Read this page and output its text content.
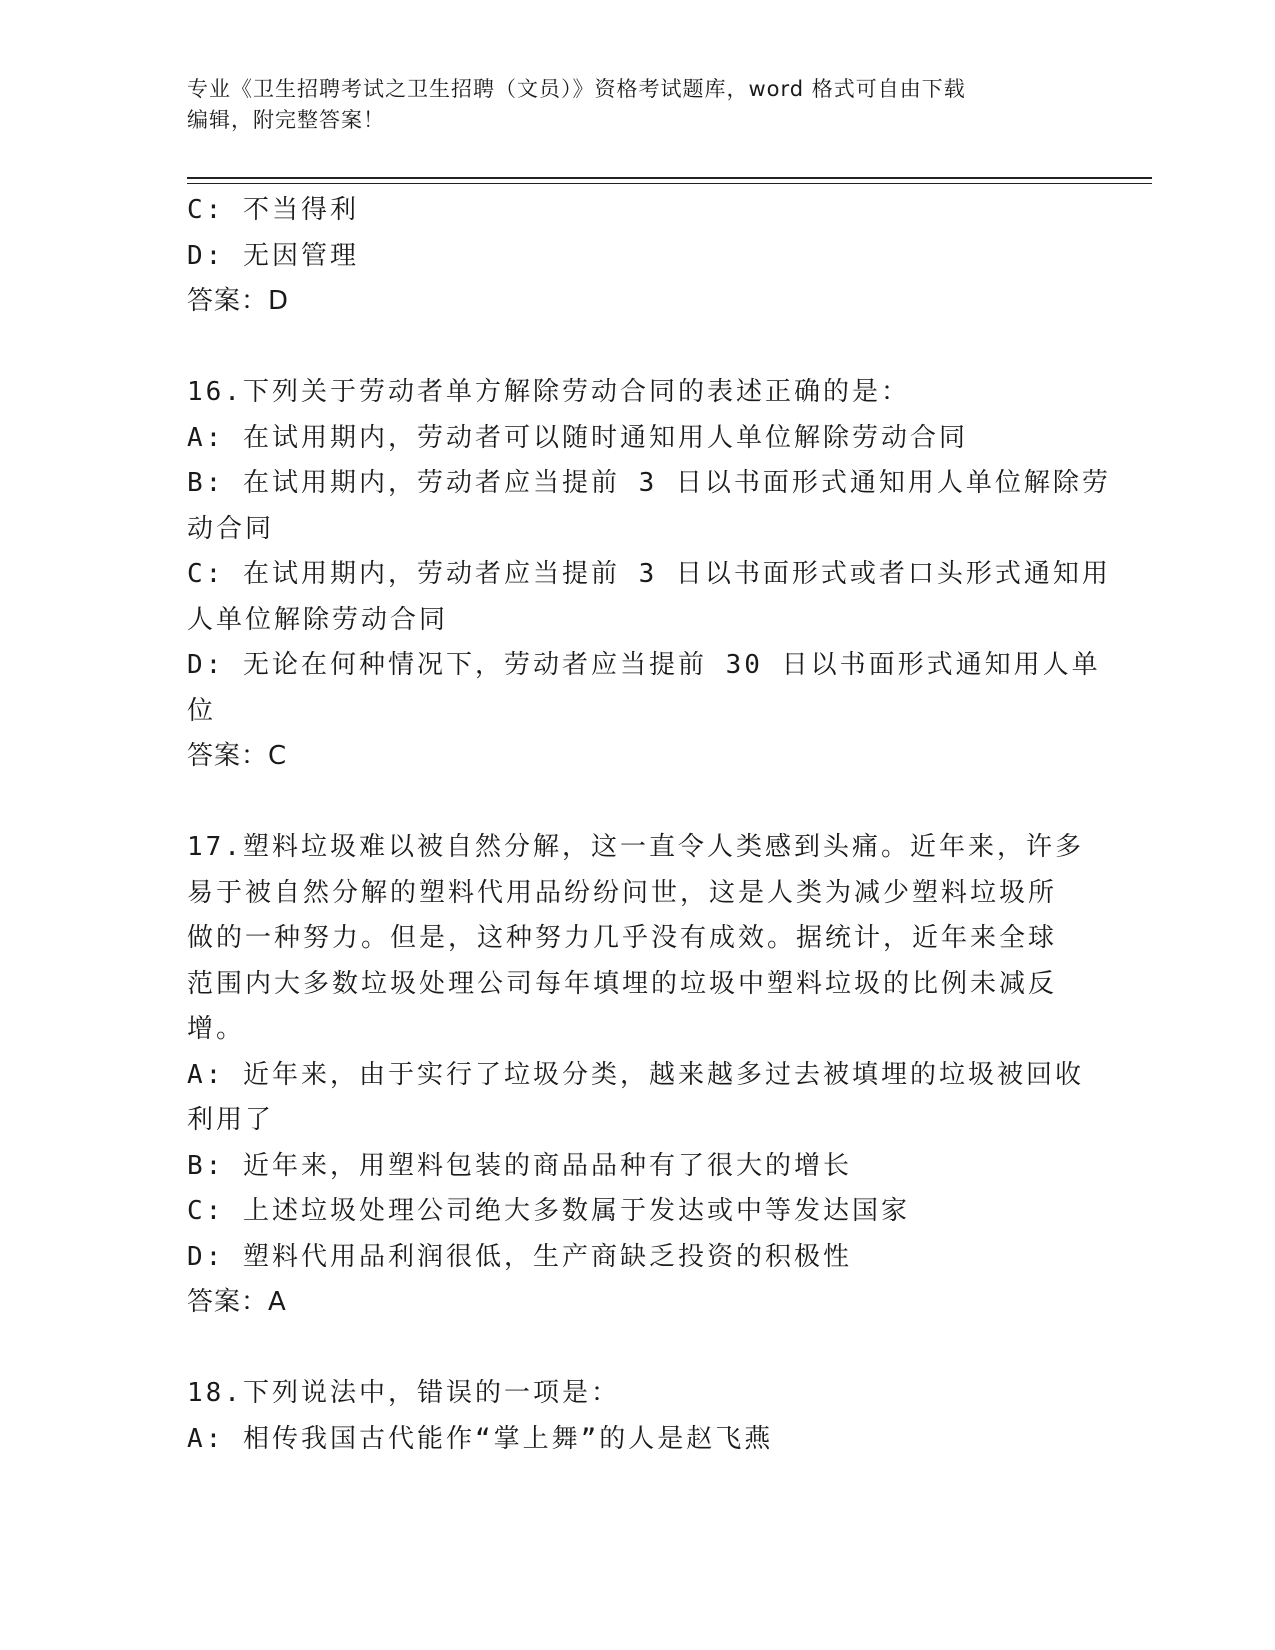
专业《卫生招聘考试之卫生招聘（文员）》资格考试题库，word 格式可自由下载
编辑，附完整答案！
C: 不当得利
D: 无因管理
答案：D
16.下列关于劳动者单方解除劳动合同的表述正确的是：
A: 在试用期内，劳动者可以随时通知用人单位解除劳动合同
B: 在试用期内，劳动者应当提前 3 日以书面形式通知用人单位解除劳
动合同
C: 在试用期内，劳动者应当提前 3 日以书面形式或者口头形式通知用
人单位解除劳动合同
D: 无论在何种情况下，劳动者应当提前 30 日以书面形式通知用人单
位
答案：C
17.塑料垃圾难以被自然分解，这一直令人类感到头痛。近年来，许多
易于被自然分解的塑料代用品纷纷问世，这是人类为减少塑料垃圾所
做的一种努力。但是，这种努力几乎没有成效。据统计，近年来全球
范围内大多数垃圾处理公司每年填埋的垃圾中塑料垃圾的比例未减反
增。
A: 近年来，由于实行了垃圾分类，越来越多过去被填埋的垃圾被回收
利用了
B: 近年来，用塑料包装的商品品种有了很大的增长
C: 上述垃圾处理公司绝大多数属于发达或中等发达国家
D: 塑料代用品利润很低，生产商缺乏投资的积极性
答案：A
18.下列说法中，错误的一项是：
A: 相传我国古代能作“掌上舞”的人是赵飞燕
